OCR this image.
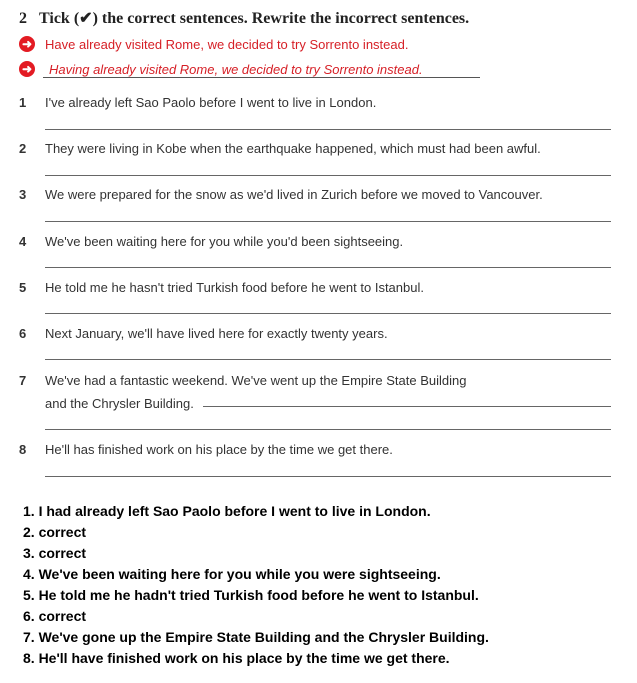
2 Tick (✔) the correct sentences. Rewrite the incorrect sentences.
➜ Have already visited Rome, we decided to try Sorrento instead.
➜ Having already visited Rome, we decided to try Sorrento instead.
1 I've already left Sao Paolo before I went to live in London.
2 They were living in Kobe when the earthquake happened, which must had been awful.
3 We were prepared for the snow as we'd lived in Zurich before we moved to Vancouver.
4 We've been waiting here for you while you'd been sightseeing.
5 He told me he hasn't tried Turkish food before he went to Istanbul.
6 Next January, we'll have lived here for exactly twenty years.
7 We've had a fantastic weekend. We've went up the Empire State Building
and the Chrysler Building.
8 He'll has finished work on his place by the time we get there.
1. I had already left Sao Paolo before I went to live in London.
2. correct
3. correct
4. We've been waiting here for you while you were sightseeing.
5. He told me he hadn't tried Turkish food before he went to Istanbul.
6. correct
7. We've gone up the Empire State Building and the Chrysler Building.
8. He'll have finished work on his place by the time we get there.
